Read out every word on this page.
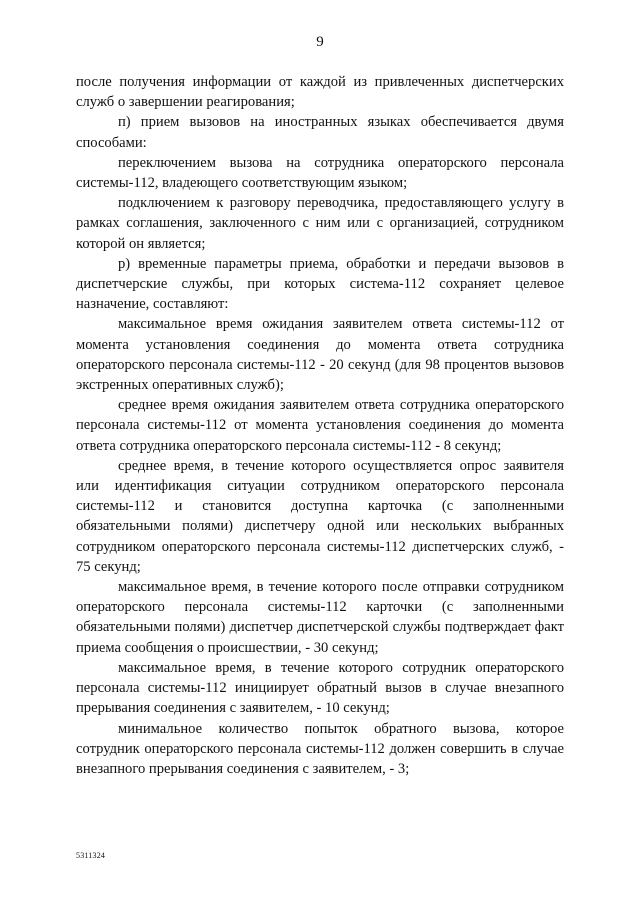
9

после получения информации от каждой из привлеченных диспетчерских служб о завершении реагирования;

п) прием вызовов на иностранных языках обеспечивается двумя способами:

переключением вызова на сотрудника операторского персонала системы-112, владеющего соответствующим языком;

подключением к разговору переводчика, предоставляющего услугу в рамках соглашения, заключенного с ним или с организацией, сотрудником которой он является;

р) временные параметры приема, обработки и передачи вызовов в диспетчерские службы, при которых система-112 сохраняет целевое назначение, составляют:

максимальное время ожидания заявителем ответа системы-112 от момента установления соединения до момента ответа сотрудника операторского персонала системы-112 - 20 секунд (для 98 процентов вызовов экстренных оперативных служб);

среднее время ожидания заявителем ответа сотрудника операторского персонала системы-112 от момента установления соединения до момента ответа сотрудника операторского персонала системы-112 - 8 секунд;

среднее время, в течение которого осуществляется опрос заявителя или идентификация ситуации сотрудником операторского персонала системы-112 и становится доступна карточка (с заполненными обязательными полями) диспетчеру одной или нескольких выбранных сотрудником операторского персонала системы-112 диспетчерских служб, - 75 секунд;

максимальное время, в течение которого после отправки сотрудником операторского персонала системы-112 карточки (с заполненными обязательными полями) диспетчер диспетчерской службы подтверждает факт приема сообщения о происшествии, - 30 секунд;

максимальное время, в течение которого сотрудник операторского персонала системы-112 инициирует обратный вызов в случае внезапного прерывания соединения с заявителем, - 10 секунд;

минимальное количество попыток обратного вызова, которое сотрудник операторского персонала системы-112 должен совершить в случае внезапного прерывания соединения с заявителем, - 3;

5311324
